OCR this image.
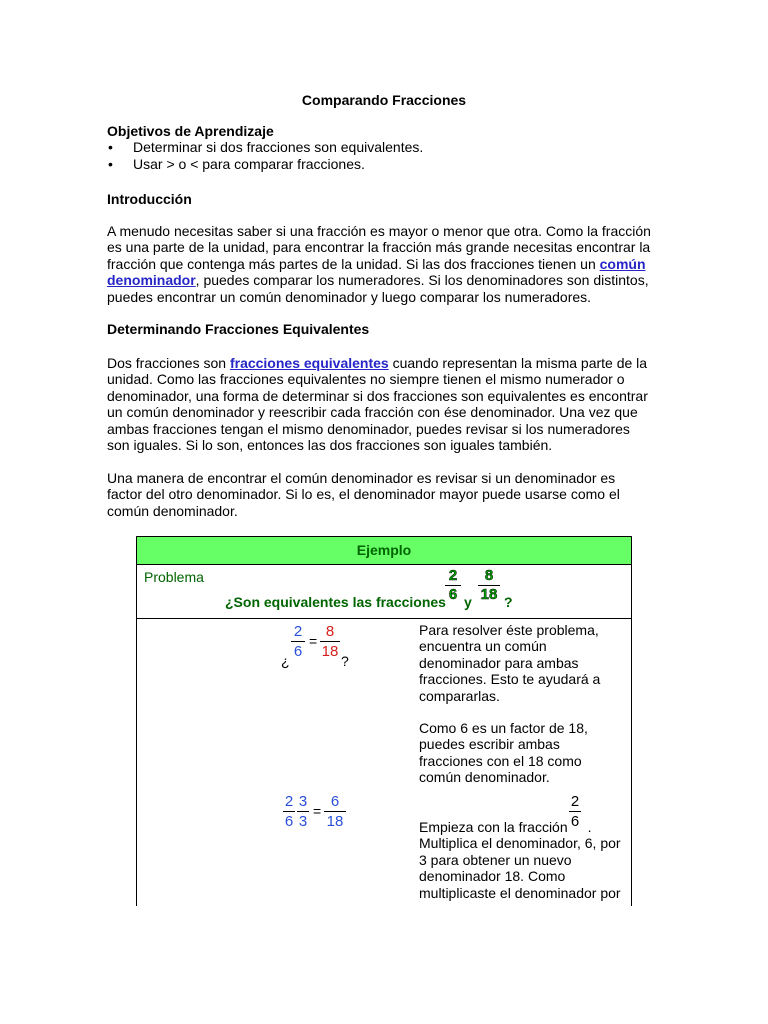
Comparando Fracciones
Objetivos de Aprendizaje
• Determinar si dos fracciones son equivalentes.
• Usar > o < para comparar fracciones.
Introducción
A menudo necesitas saber si una fracción es mayor o menor que otra. Como la fracción es una parte de la unidad, para encontrar la fracción más grande necesitas encontrar la fracción que contenga más partes de la unidad. Si las dos fracciones tienen un común denominador, puedes comparar los numeradores. Si los denominadores son distintos, puedes encontrar un común denominador y luego comparar los numeradores.
Determinando Fracciones Equivalentes
Dos fracciones son fracciones equivalentes cuando representan la misma parte de la unidad. Como las fracciones equivalentes no siempre tienen el mismo numerador o denominador, una forma de determinar si dos fracciones son equivalentes es encontrar un común denominador y reescribir cada fracción con ése denominador. Una vez que ambas fracciones tengan el mismo denominador, puedes revisar si los numeradores son iguales. Si lo son, entonces las dos fracciones son iguales también.
Una manera de encontrar el común denominador es revisar si un denominador es factor del otro denominador. Si lo es, el denominador mayor puede usarse como el común denominador.
Ejemplo
Problema
¿Son equivalentes las fracciones
2
6 y
8
18 ?
¿
2
6
=
8
18
?
Para resolver éste problema, encuentra un común denominador para ambas fracciones. Esto te ayudará a compararlas.
Como 6 es un factor de 18, puedes escribir ambas fracciones con el 18 como común denominador.
2
6
3
3
=
6
18
2
6
Empieza con la fracción . Multiplica el denominador, 6, por 3 para obtener un nuevo denominador 18. Como multiplicaste el denominador por
